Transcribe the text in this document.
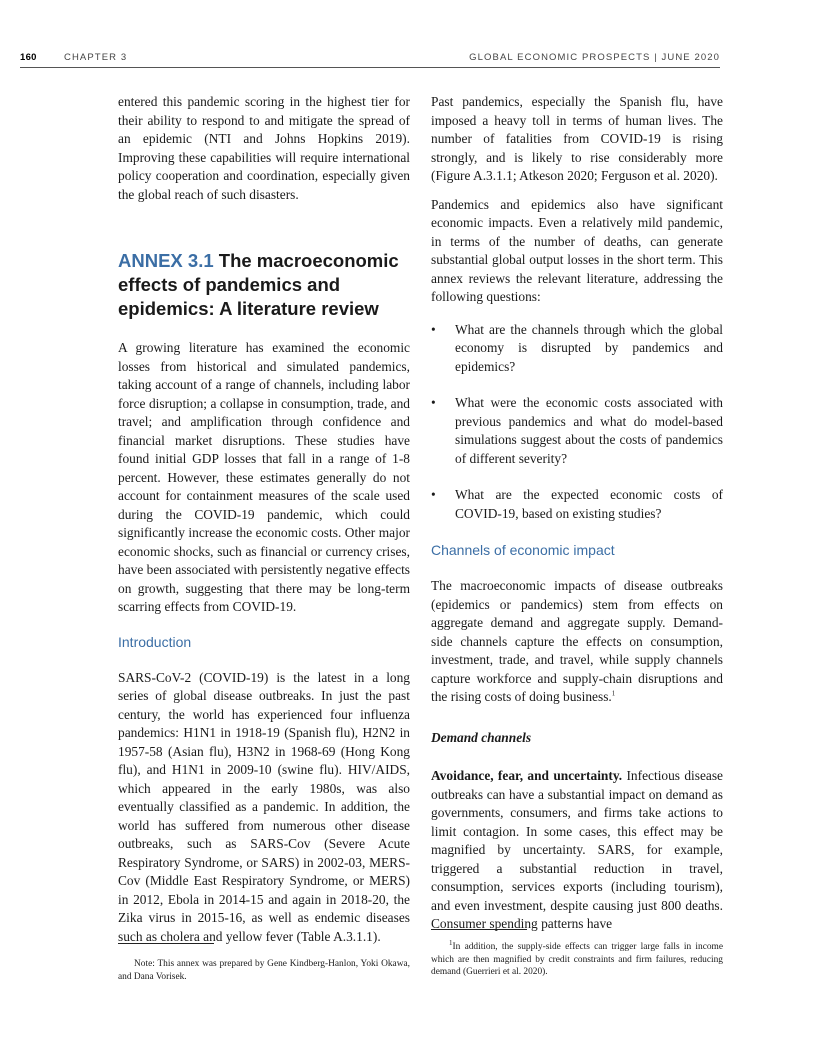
160	CHAPTER 3	GLOBAL ECONOMIC PROSPECTS | JUNE 2020

entered this pandemic scoring in the highest tier for their ability to respond to and mitigate the spread of an epidemic (NTI and Johns Hopkins 2019). Improving these capabilities will require international policy cooperation and coordination, especially given the global reach of such disasters.

ANNEX 3.1 The macroeconomic effects of pandemics and epidemics: A literature review

A growing literature has examined the economic losses from historical and simulated pandemics, taking account of a range of channels, including labor force disruption; a collapse in consumption, trade, and travel; and amplification through confidence and financial market disruptions. These studies have found initial GDP losses that fall in a range of 1-8 percent. However, these estimates generally do not account for containment measures of the scale used during the COVID-19 pandemic, which could significantly increase the economic costs. Other major economic shocks, such as financial or currency crises, have been associated with persistently negative effects on growth, suggesting that there may be long-term scarring effects from COVID-19.

Introduction

SARS-CoV-2 (COVID-19) is the latest in a long series of global disease outbreaks. In just the past century, the world has experienced four influenza pandemics: H1N1 in 1918-19 (Spanish flu), H2N2 in 1957-58 (Asian flu), H3N2 in 1968-69 (Hong Kong flu), and H1N1 in 2009-10 (swine flu). HIV/AIDS, which appeared in the early 1980s, was also eventually classified as a pandemic. In addition, the world has suffered from numerous other disease outbreaks, such as SARS-Cov (Severe Acute Respiratory Syndrome, or SARS) in 2002-03, MERS-Cov (Middle East Respiratory Syndrome, or MERS) in 2012, Ebola in 2014-15 and again in 2018-20, the Zika virus in 2015-16, as well as endemic diseases such as cholera and yellow fever (Table A.3.1.1).

Note: This annex was prepared by Gene Kindberg-Hanlon, Yoki Okawa, and Dana Vorisek.

Past pandemics, especially the Spanish flu, have imposed a heavy toll in terms of human lives. The number of fatalities from COVID-19 is rising strongly, and is likely to rise considerably more (Figure A.3.1.1; Atkeson 2020; Ferguson et al. 2020).

Pandemics and epidemics also have significant economic impacts. Even a relatively mild pandemic, in terms of the number of deaths, can generate substantial global output losses in the short term. This annex reviews the relevant literature, addressing the following questions:

• What are the channels through which the global economy is disrupted by pandemics and epidemics?
• What were the economic costs associated with previous pandemics and what do model-based simulations suggest about the costs of pandemics of different severity?
• What are the expected economic costs of COVID-19, based on existing studies?
Channels of economic impact

The macroeconomic impacts of disease outbreaks (epidemics or pandemics) stem from effects on aggregate demand and aggregate supply. Demand-side channels capture the effects on consumption, investment, trade, and travel, while supply channels capture workforce and supply-chain disruptions and the rising costs of doing business.$^1$

Demand channels

Avoidance, fear, and uncertainty. Infectious disease outbreaks can have a substantial impact on demand as governments, consumers, and firms take actions to limit contagion. In some cases, this effect may be magnified by uncertainty. SARS, for example, triggered a substantial reduction in travel, consumption, services exports (including tourism), and even investment, despite causing just 800 deaths. Consumer spending patterns have

$^1$In addition, the supply-side effects can trigger large falls in income which are then magnified by credit constraints and firm failures, reducing demand (Guerrieri et al. 2020).
